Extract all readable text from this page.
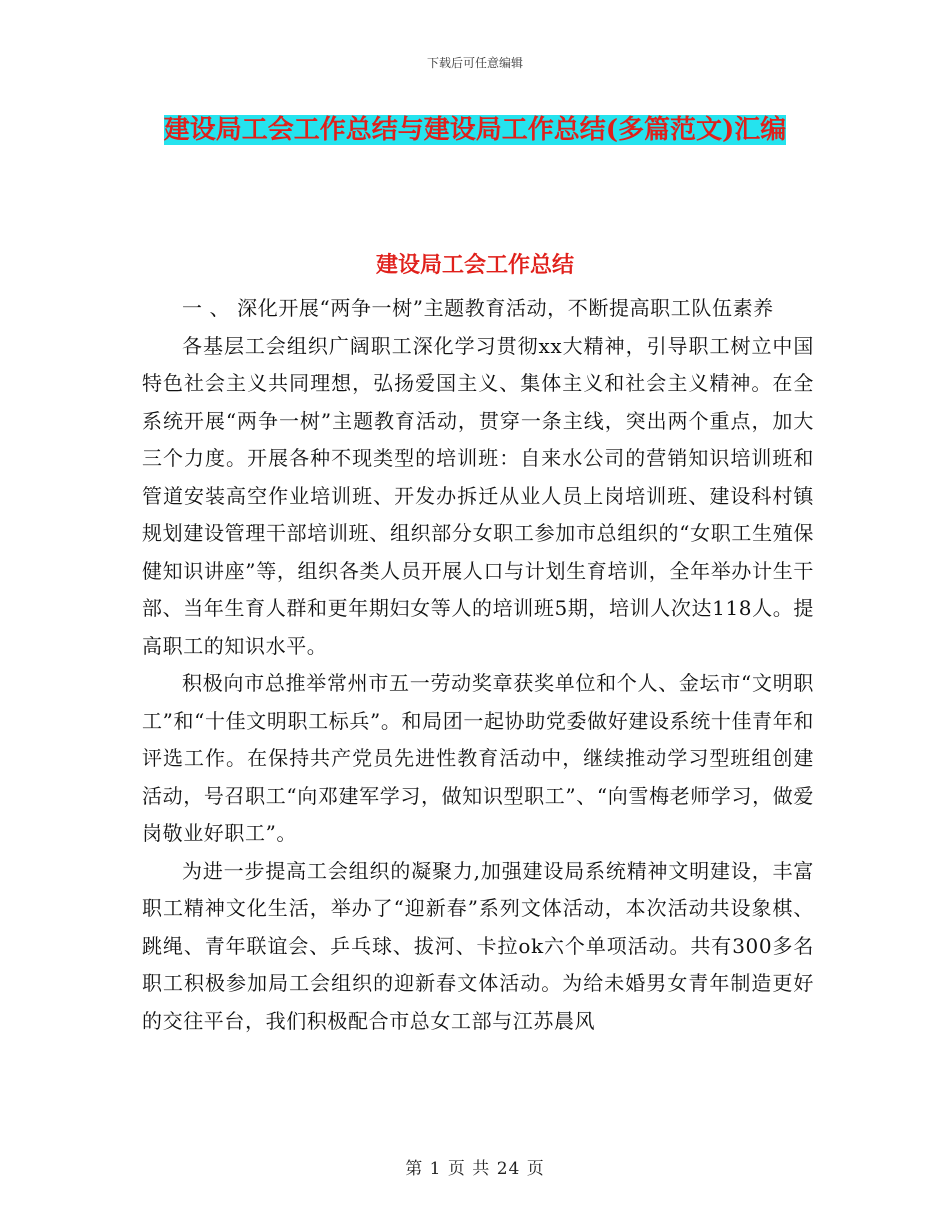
下载后可任意编辑
建设局工会工作总结与建设局工作总结(多篇范文)汇编
建设局工会工作总结

一 、 深化开展“两争一树”主题教育活动，不断提高职工队伍素养

各基层工会组织广阔职工深化学习贯彻xx大精神，引导职工树立中国特色社会主义共同理想，弘扬爱国主义、集体主义和社会主义精神。在全系统开展“两争一树”主题教育活动，贯穿一条主线，突出两个重点，加大三个力度。开展各种不现类型的培训班：自来水公司的营销知识培训班和管道安装高空作业培训班、开发办拆迁从业人员上岗培训班、建设科村镇规划建设管理干部培训班、组织部分女职工参加市总组织的“女职工生殖保健知识讲座”等，组织各类人员开展人口与计划生育培训，全年举办计生干部、当年生育人群和更年期妇女等人的培训班5期，培训人次达118人。提高职工的知识水平。

积极向市总推举常州市五一劳动奖章获奖单位和个人、金坛市“文明职工”和“十佳文明职工标兵”。和局团一起协助党委做好建设系统十佳青年和评选工作。在保持共产党员先进性教育活动中，继续推动学习型班组创建活动，号召职工“向邓建军学习，做知识型职工”、“向雪梅老师学习，做爱岗敬业好职工”。

为进一步提高工会组织的凝聚力,加强建设局系统精神文明建设，丰富职工精神文化生活，举办了“迎新春”系列文体活动，本次活动共设象棋、跳绳、青年联谊会、乒乓球、拔河、卡拉ok六个单项活动。共有300多名职工积极参加局工会组织的迎新春文体活动。为给未婚男女青年制造更好的交往平台，我们积极配合市总女工部与江苏晨风

第 1 页 共 24 页
